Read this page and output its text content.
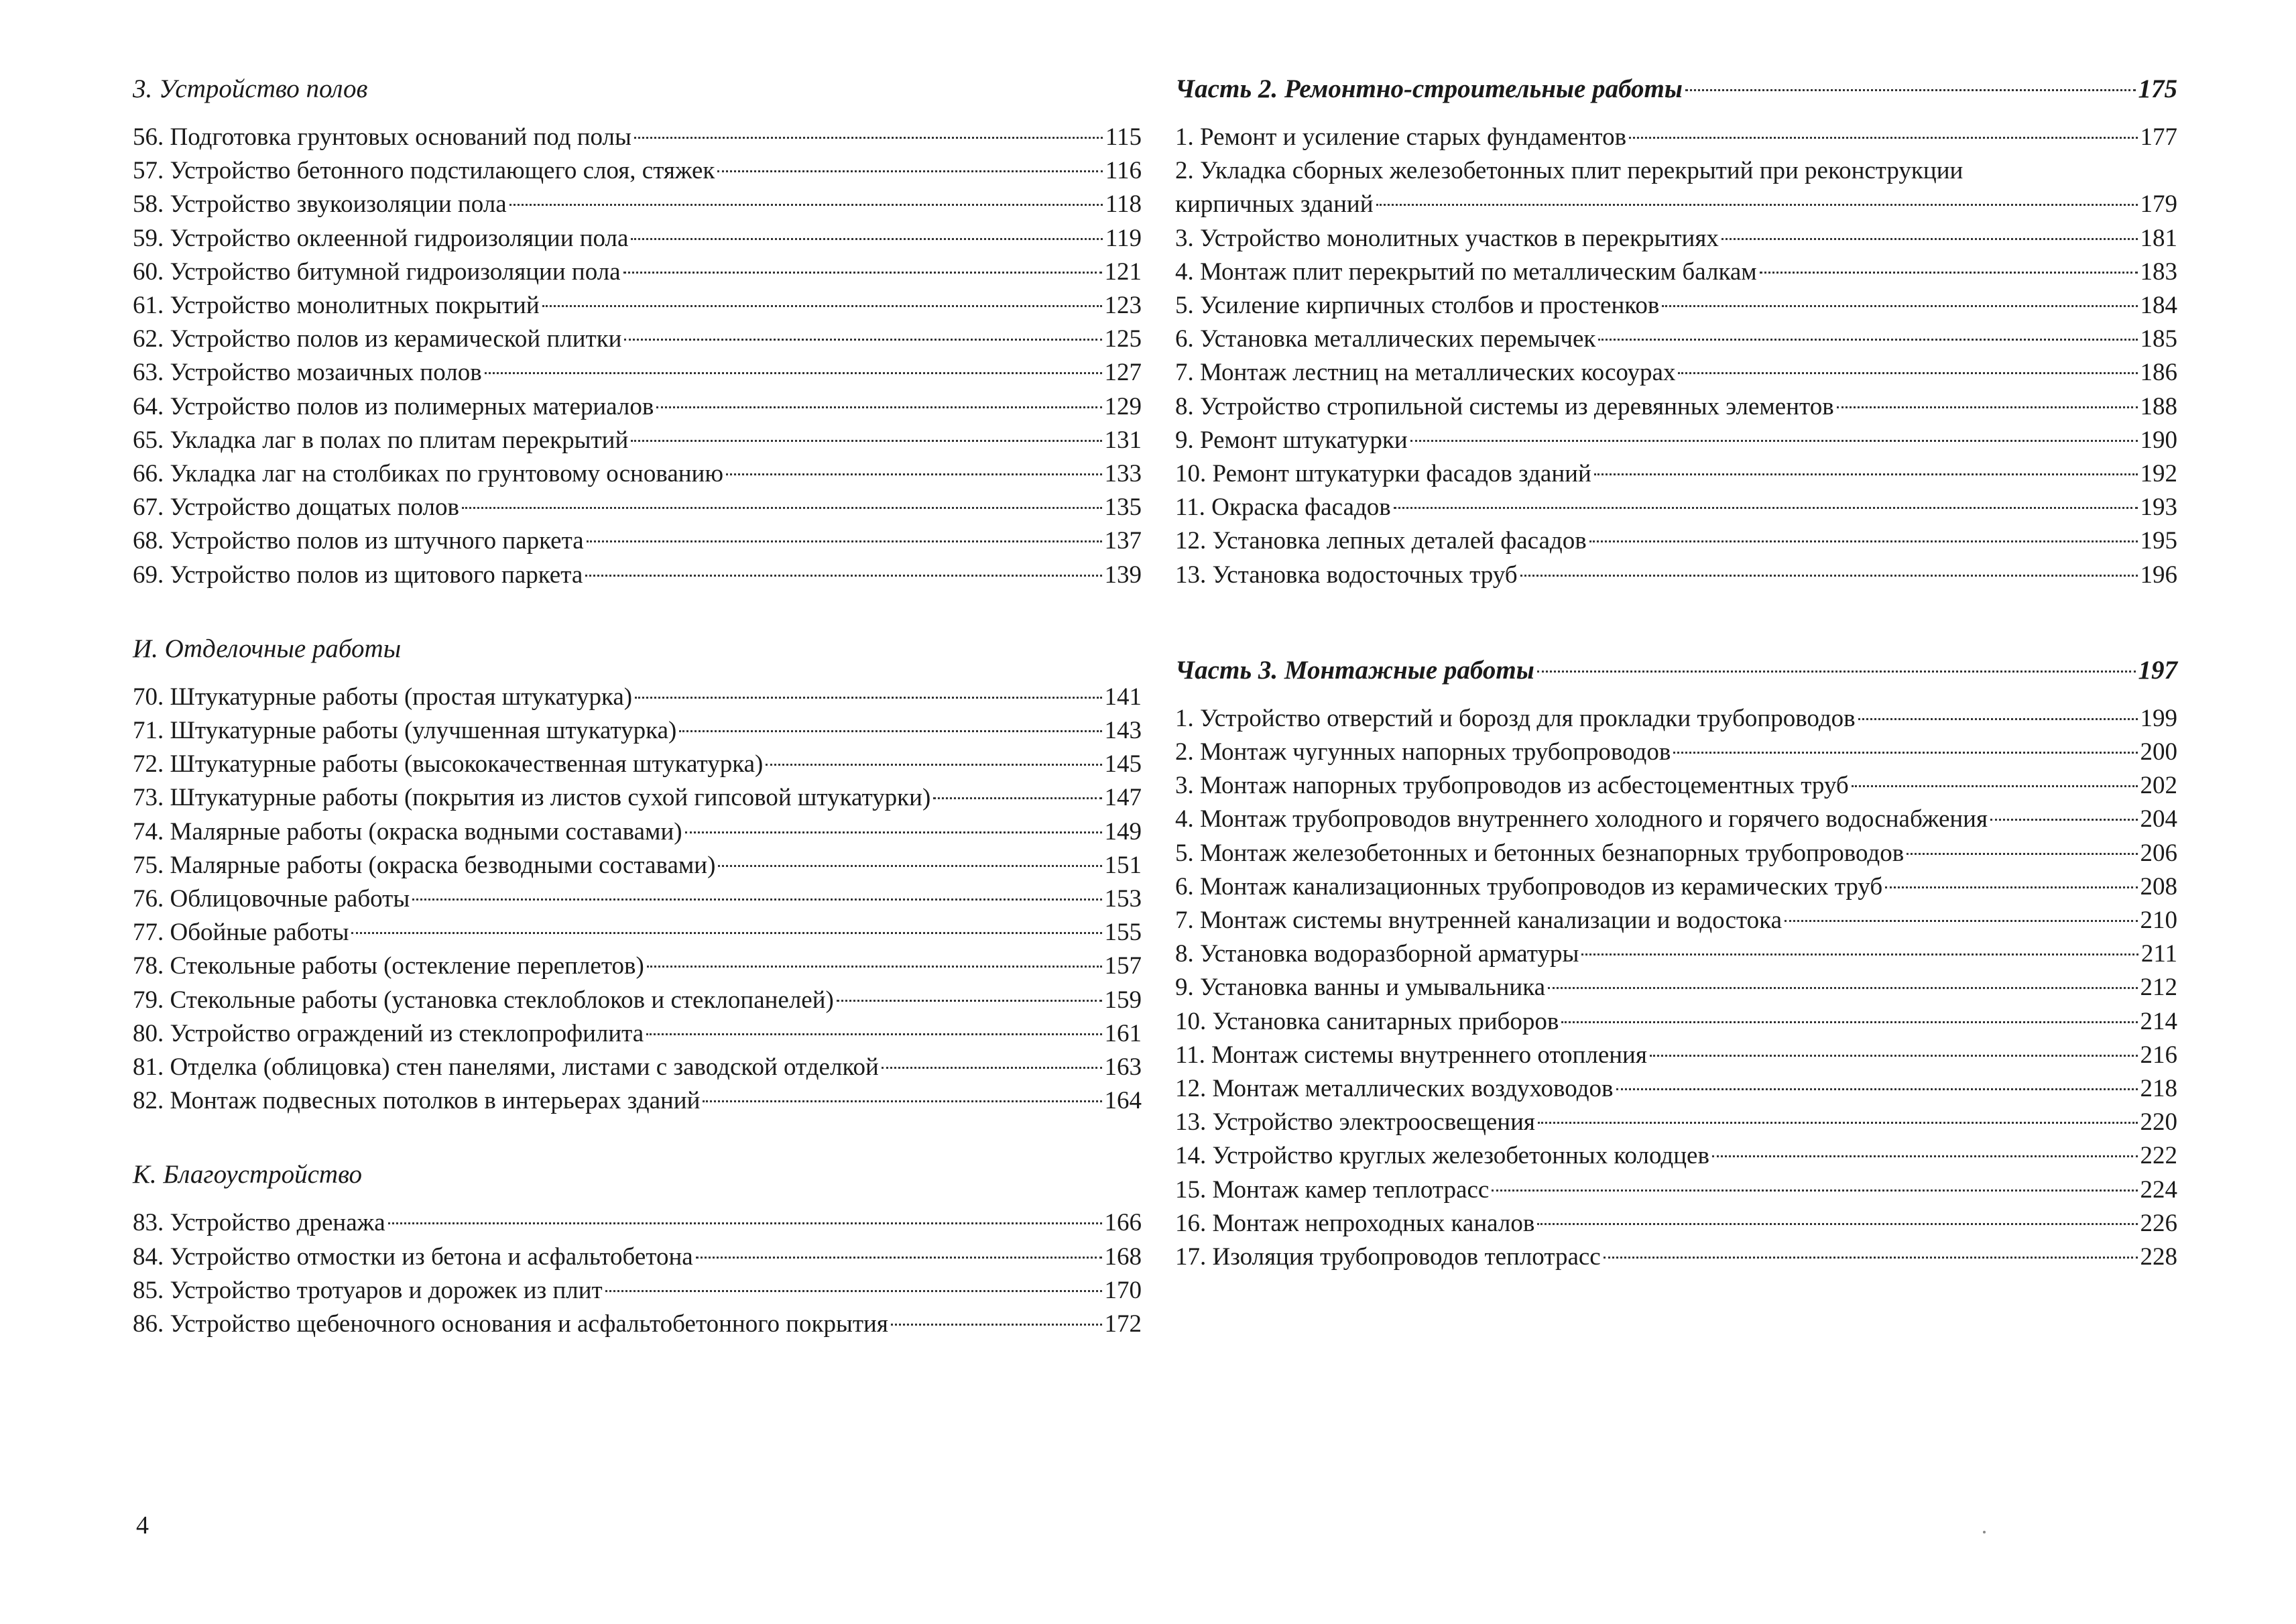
3. Устройство полов
56. Подготовка грунтовых оснований под полы	115
57. Устройство бетонного подстилающего слоя, стяжек	116
58. Устройство звукоизоляции пола	118
59. Устройство оклеенной гидроизоляции пола	119
60. Устройство битумной гидроизоляции пола	121
61. Устройство монолитных покрытий	123
62. Устройство полов из керамической плитки	125
63. Устройство мозаичных полов	127
64. Устройство полов из полимерных материалов	129
65. Укладка лаг в полах по плитам перекрытий	131
66. Укладка лаг на столбиках по грунтовому основанию	133
67. Устройство дощатых полов	135
68. Устройство полов из штучного паркета	137
69. Устройство полов из щитового паркета	139
И. Отделочные работы
70. Штукатурные работы (простая штукатурка)	141
71. Штукатурные работы (улучшенная штукатурка)	143
72. Штукатурные работы (высококачественная штукатурка)	145
73. Штукатурные работы (покрытия из листов сухой гипсовой штукатурки)	147
74. Малярные работы (окраска водными составами)	149
75. Малярные работы (окраска безводными составами)	151
76. Облицовочные работы	153
77. Обойные работы	155
78. Стекольные работы (остекление переплетов)	157
79. Стекольные работы (установка стеклоблоков и стеклопанелей)	159
80. Устройство ограждений из стеклопрофилита	161
81. Отделка (облицовка) стен панелями, листами с заводской отделкой	163
82. Монтаж подвесных потолков в интерьерах зданий	164
К. Благоустройство
83. Устройство дренажа	166
84. Устройство отмостки из бетона и асфальтобетона	168
85. Устройство тротуаров и дорожек из плит	170
86. Устройство щебеночного основания и асфальтобетонного покрытия	172
Часть 2. Ремонтно-строительные работы	175
1. Ремонт и усиление старых фундаментов	177
2. Укладка сборных железобетонных плит перекрытий при реконструкции
кирпичных зданий	179
3. Устройство монолитных участков в перекрытиях	181
4. Монтаж плит перекрытий по металлическим балкам	183
5. Усиление кирпичных столбов и простенков	184
6. Установка металлических перемычек	185
7. Монтаж лестниц на металлических косоурах	186
8. Устройство стропильной системы из деревянных элементов	188
9. Ремонт штукатурки	190
10. Ремонт штукатурки фасадов зданий	192
11. Окраска фасадов	193
12. Установка лепных деталей фасадов	195
13. Установка водосточных труб	196
Часть 3. Монтажные работы	197
1. Устройство отверстий и борозд для прокладки трубопроводов	199
2. Монтаж чугунных напорных трубопроводов	200
3. Монтаж напорных трубопроводов из асбестоцементных труб	202
4. Монтаж трубопроводов внутреннего холодного и горячего водоснабжения	204
5. Монтаж железобетонных и бетонных безнапорных трубопроводов	206
6. Монтаж канализационных трубопроводов из керамических труб	208
7. Монтаж системы внутренней канализации и водостока	210
8. Установка водоразборной арматуры	211
9. Установка ванны и умывальника	212
10. Установка санитарных приборов	214
11. Монтаж системы внутреннего отопления	216
12. Монтаж металлических воздуховодов	218
13. Устройство электроосвещения	220
14. Устройство круглых железобетонных колодцев	222
15. Монтаж камер теплотрасс	224
16. Монтаж непроходных каналов	226
17. Изоляция трубопроводов теплотрасс	228
4
